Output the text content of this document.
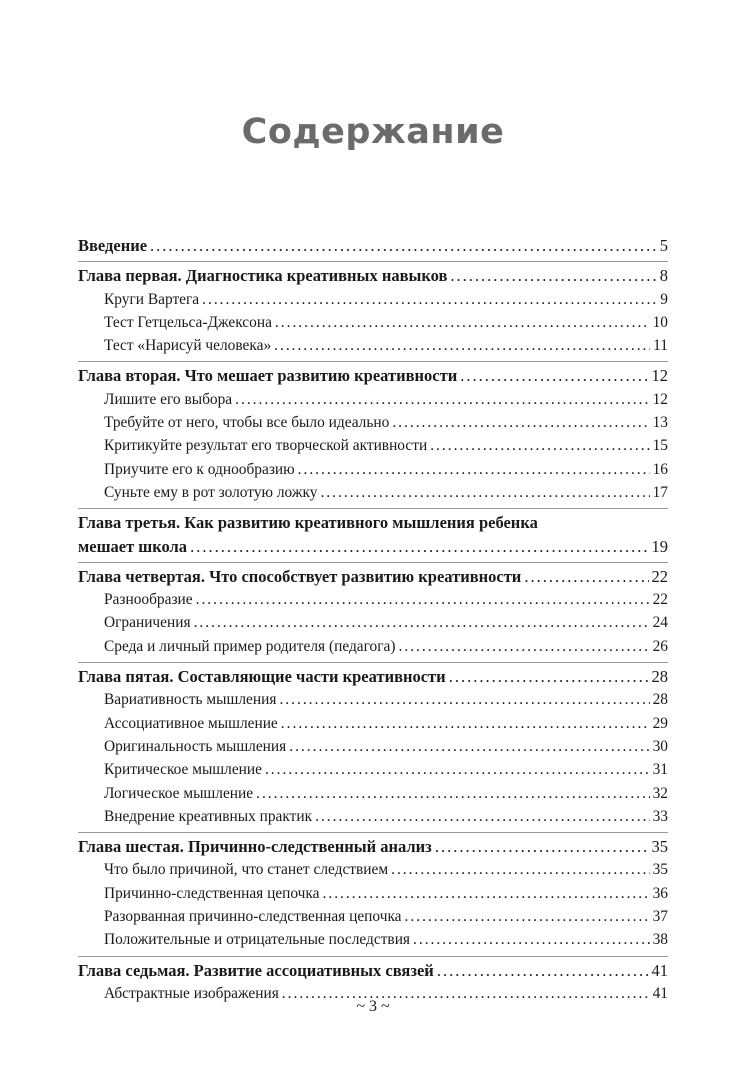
Содержание
Введение .....	5
Глава первая. Диагностика креативных навыков .....	8
Круги Вартега .....	9
Тест Гетцельса-Джексона .....	10
Тест «Нарисуй человека» .....	11
Глава вторая. Что мешает развитию креативности .....	12
Лишите его выбора .....	12
Требуйте от него, чтобы все было идеально .....	13
Критикуйте результат его творческой активности .....	15
Приучите его к однообразию .....	16
Суньте ему в рот золотую ложку .....	17
Глава третья. Как развитию креативного мышления ребенка
мешает школа .....	19
Глава четвертая. Что способствует развитию креативности .....	22
Разнообразие .....	22
Ограничения .....	24
Среда и личный пример родителя (педагога) .....	26
Глава пятая. Составляющие части креативности .....	28
Вариативность мышления .....	28
Ассоциативное мышление .....	29
Оригинальность мышления .....	30
Критическое мышление .....	31
Логическое мышление .....	32
Внедрение креативных практик .....	33
Глава шестая. Причинно-следственный анализ .....	35
Что было причиной, что станет следствием .....	35
Причинно-следственная цепочка .....	36
Разорванная причинно-следственная цепочка .....	37
Положительные и отрицательные последствия .....	38
Глава седьмая. Развитие ассоциативных связей .....	41
Абстрактные изображения .....	41
~ 3 ~
